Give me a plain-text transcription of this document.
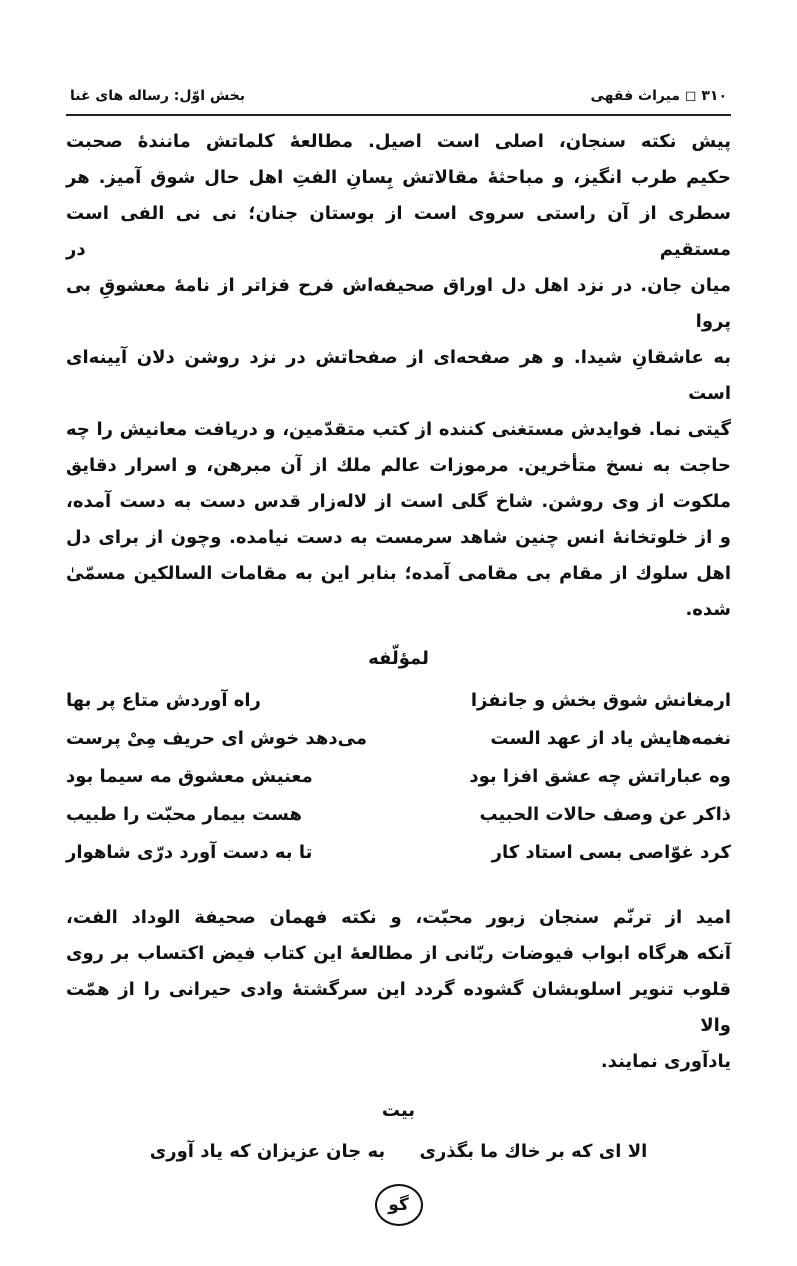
۳۱۰ ◻ میراث فقهی
بخش اوّل: رساله های غنا
پیش نکته سنجان، اصلی است اصیل. مطالعهٔ کلماتش مانندهٔ صحبت
حکیم طرب انگیز، و مباحثهٔ مقالاتش بِسانِ الفتِ اهل حال شوق آمیز. هر
سطری از آن راستی سروی است از بوستان جنان؛ نی نی الفی است مستقیم در
میان جان. در نزد اهل دل اوراق صحیفه‌اش فرح فزاتر از نامهٔ معشوقِ بی پروا
به عاشقانِ شیدا. و هر صفحه‌ای از صفحاتش در نزد روشن دلان آیینه‌ای است
گیتی نما. فوایدش مستغنی کننده از کتب متقدّمین، و دریافت معانیش را چه
حاجت به نسخ متأخرین. مرموزات عالم ملك از آن مبرهن، و اسرار دقایق
ملکوت از وی روشن. شاخ گلی است از لاله‌زار قدس دست به دست آمده،
و از خلوتخانهٔ انس چنین شاهد سرمست به دست نیامده. وچون از برای دل
اهل سلوك از مقام بی مقامی آمده؛ بنابر این به مقامات السالکین مسمّیٰ شده.
لمؤلّفه
ارمغانش شوق بخش و جانفزا
راه آوردش متاع پر بها
نغمه‌هایش یاد از عهد الست
می‌دهد خوش ای حریف مِیْ پرست
وه عباراتش چه عشق افزا بود
معنیش معشوق مه سیما بود
ذاکر عن وصف حالات الحبیب
هست بیمار محبّت را طبیب
کرد غوّاصی بسی استاد کار
تا به دست آورد درّی شاهوار
امید از ترنّم سنجان زبور محبّت، و نکته فهمان صحیفة الوداد الفت،
آنکه هرگاه ابواب فیوضات ربّانی از مطالعهٔ این کتاب فیض اکتساب بر روی
قلوب تنویر اسلوبشان گشوده گردد این سرگشتهٔ وادی حیرانی را از همّت والا
یادآوری نمایند.
بیت
الا ای که بر خاك ما بگذری به جان عزیزان که یاد آوری
گو
